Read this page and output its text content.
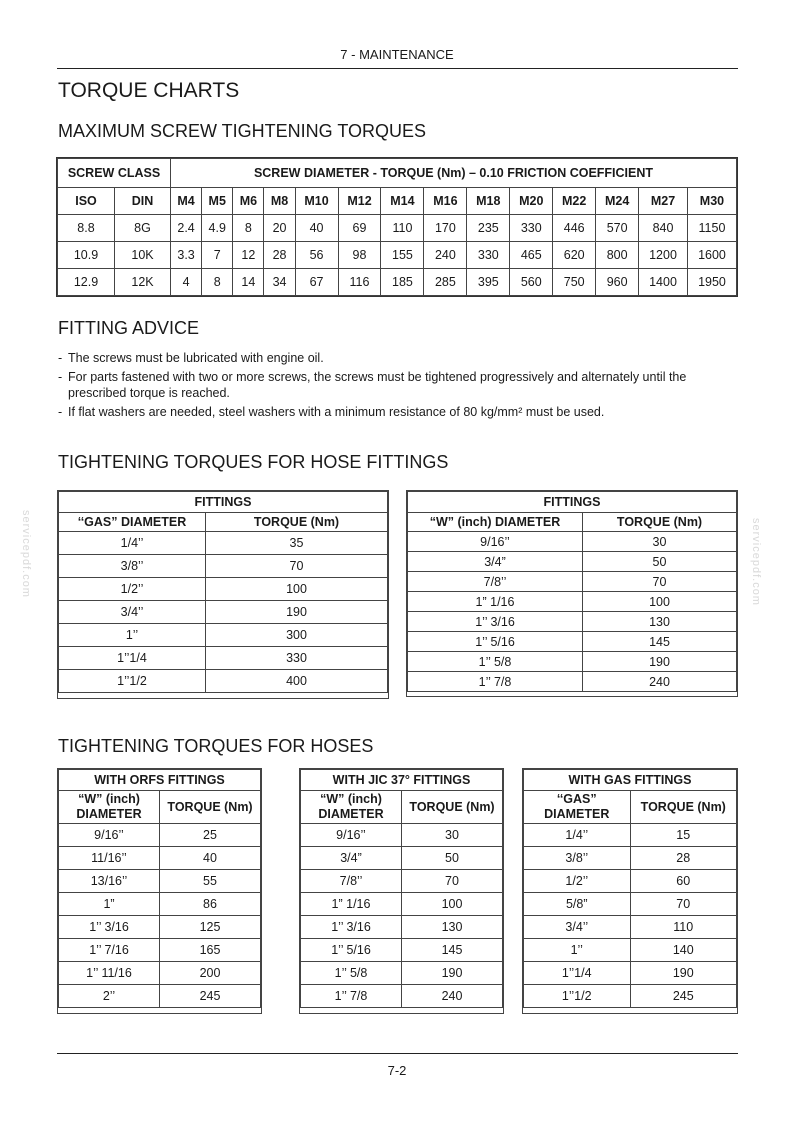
7 - MAINTENANCE
TORQUE CHARTS
MAXIMUM SCREW TIGHTENING TORQUES
SCREW CLASS		SCREW DIAMETER - TORQUE (Nm) – 0.10 FRICTION COEFFICIENT													
ISO	DIN	M4	M5	M6	M8	M10	M12	M14	M16	M18	M20	M22	M24	M27	M30
8.8	8G	2.4	4.9	8	20	40	69	110	170	235	330	446	570	840	1150
10.9	10K	3.3	7	12	28	56	98	155	240	330	465	620	800	1200	1600
12.9	12K	4	8	14	34	67	116	185	285	395	560	750	960	1400	1950
FITTING ADVICE
- The screws must be lubricated with engine oil.
- For parts fastened with two or more screws, the screws must be tightened progressively and alternately until the prescribed torque is reached.
- If flat washers are needed, steel washers with a minimum resistance of 80 kg/mm² must be used.
TIGHTENING TORQUES FOR HOSE FITTINGS
FITTINGS	
‘‘GAS” DIAMETER	TORQUE (Nm)
1/4’’	35
3/8’’	70
1/2’’	100
3/4’’	190
1’’	300
1’’1/4	330
1’’1/2	400
FITTINGS	
“W” (inch) DIAMETER	TORQUE (Nm)
9/16’’	30
3/4”	50
7/8’’	70
1” 1/16	100
1’’ 3/16	130
1’’ 5/16	145
1’’ 5/8	190
1’’ 7/8	240
TIGHTENING TORQUES FOR HOSES
WITH ORFS FITTINGS	
“W” (inch) DIAMETER	TORQUE (Nm)
9/16’’	25
11/16’’	40
13/16’’	55
1”	86
1’’ 3/16	125
1’’ 7/16	165
1’’ 11/16	200
2’’	245
WITH JIC 37° FITTINGS	
“W” (inch) DIAMETER	TORQUE (Nm)
9/16’’	30
3/4”	50
7/8’’	70
1” 1/16	100
1’’ 3/16	130
1’’ 5/16	145
1’’ 5/8	190
1’’ 7/8	240
WITH GAS FITTINGS	
‘‘GAS” DIAMETER	TORQUE (Nm)
1/4’’	15
3/8’’	28
1/2’’	60
5/8”	70
3/4’’	110
1’’	140
1’’1/4	190
1’’1/2	245
servicepdf.com	servicepdf.com
7-2
